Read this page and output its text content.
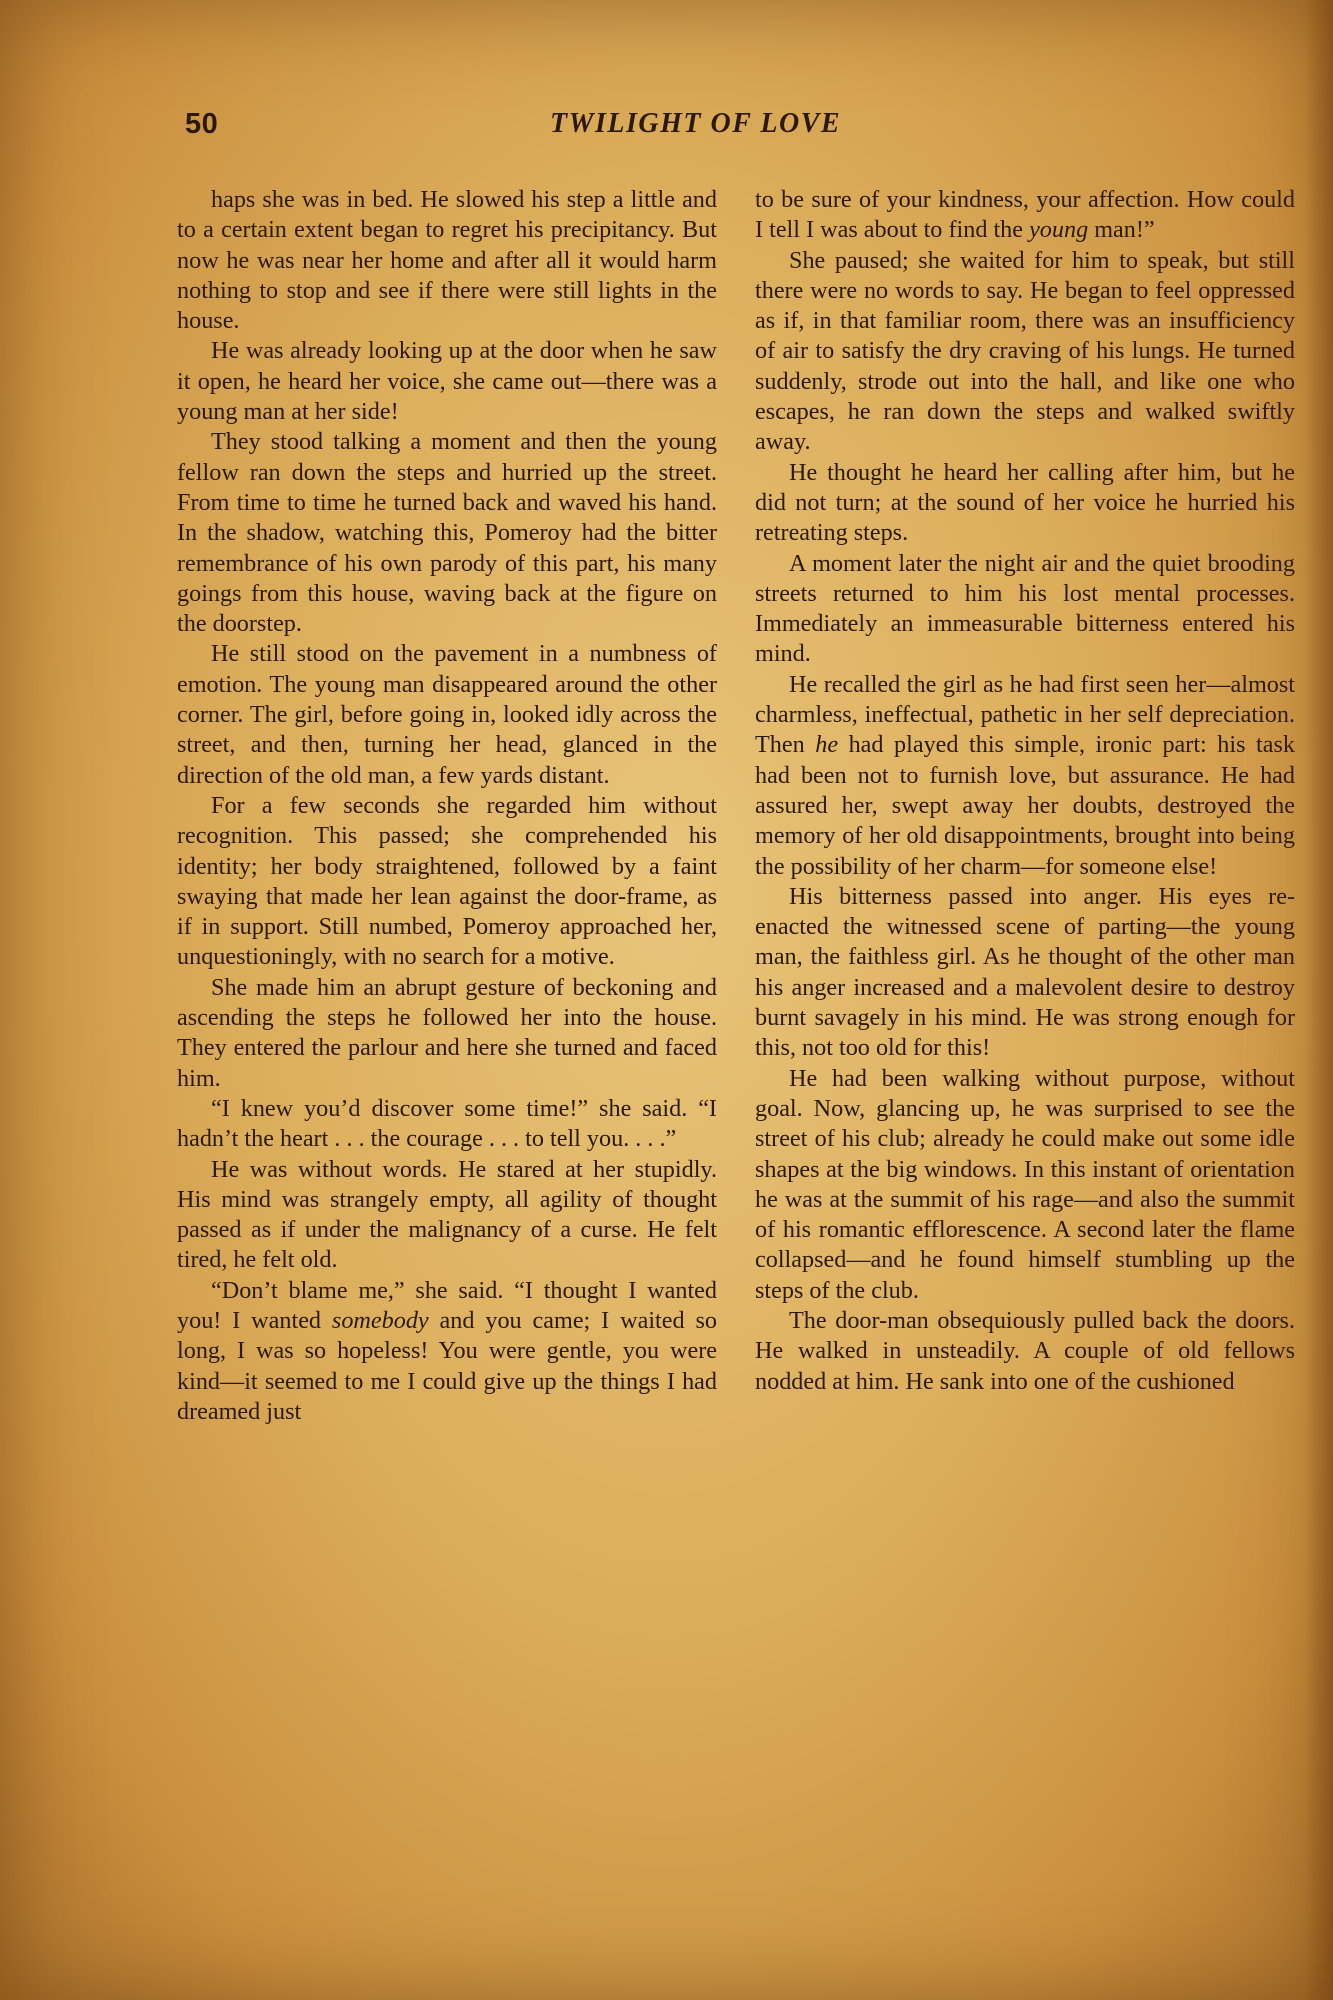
50	TWILIGHT OF LOVE

haps she was in bed. He slowed his step a little and to a certain extent began to regret his precipitancy. But now he was near her home and after all it would harm nothing to stop and see if there were still lights in the house.

He was already looking up at the door when he saw it open, he heard her voice, she came out—there was a young man at her side!

They stood talking a moment and then the young fellow ran down the steps and hurried up the street. From time to time he turned back and waved his hand. In the shadow, watching this, Pomeroy had the bitter remembrance of his own parody of this part, his many goings from this house, waving back at the figure on the doorstep.

He still stood on the pavement in a numbness of emotion. The young man disappeared around the other corner. The girl, before going in, looked idly across the street, and then, turning her head, glanced in the direction of the old man, a few yards distant.

For a few seconds she regarded him without recognition. This passed; she comprehended his identity; her body straightened, followed by a faint swaying that made her lean against the door-frame, as if in support. Still numbed, Pomeroy approached her, unquestioningly, with no search for a motive.

She made him an abrupt gesture of beckoning and ascending the steps he followed her into the house. They entered the parlour and here she turned and faced him.

“I knew you’d discover some time!” she said. “I hadn’t the heart . . . the courage . . . to tell you. . . .”

He was without words. He stared at her stupidly. His mind was strangely empty, all agility of thought passed as if under the malignancy of a curse. He felt tired, he felt old.

“Don’t blame me,” she said. “I thought I wanted you! I wanted somebody and you came; I waited so long, I was so hopeless! You were gentle, you were kind—it seemed to me I could give up the things I had dreamed just

to be sure of your kindness, your affection. How could I tell I was about to find the young man!”

She paused; she waited for him to speak, but still there were no words to say. He began to feel oppressed as if, in that familiar room, there was an insufficiency of air to satisfy the dry craving of his lungs. He turned suddenly, strode out into the hall, and like one who escapes, he ran down the steps and walked swiftly away.

He thought he heard her calling after him, but he did not turn; at the sound of her voice he hurried his retreating steps.

A moment later the night air and the quiet brooding streets returned to him his lost mental processes. Immediately an immeasurable bitterness entered his mind.

He recalled the girl as he had first seen her—almost charmless, ineffectual, pathetic in her self depreciation. Then he had played this simple, ironic part: his task had been not to furnish love, but assurance. He had assured her, swept away her doubts, destroyed the memory of her old disappointments, brought into being the possibility of her charm—for someone else!

His bitterness passed into anger. His eyes re-enacted the witnessed scene of parting—the young man, the faithless girl. As he thought of the other man his anger increased and a malevolent desire to destroy burnt savagely in his mind. He was strong enough for this, not too old for this!

He had been walking without purpose, without goal. Now, glancing up, he was surprised to see the street of his club; already he could make out some idle shapes at the big windows. In this instant of orientation he was at the summit of his rage—and also the summit of his romantic efflorescence. A second later the flame collapsed—and he found himself stumbling up the steps of the club.

The door-man obsequiously pulled back the doors. He walked in unsteadily. A couple of old fellows nodded at him. He sank into one of the cushioned
